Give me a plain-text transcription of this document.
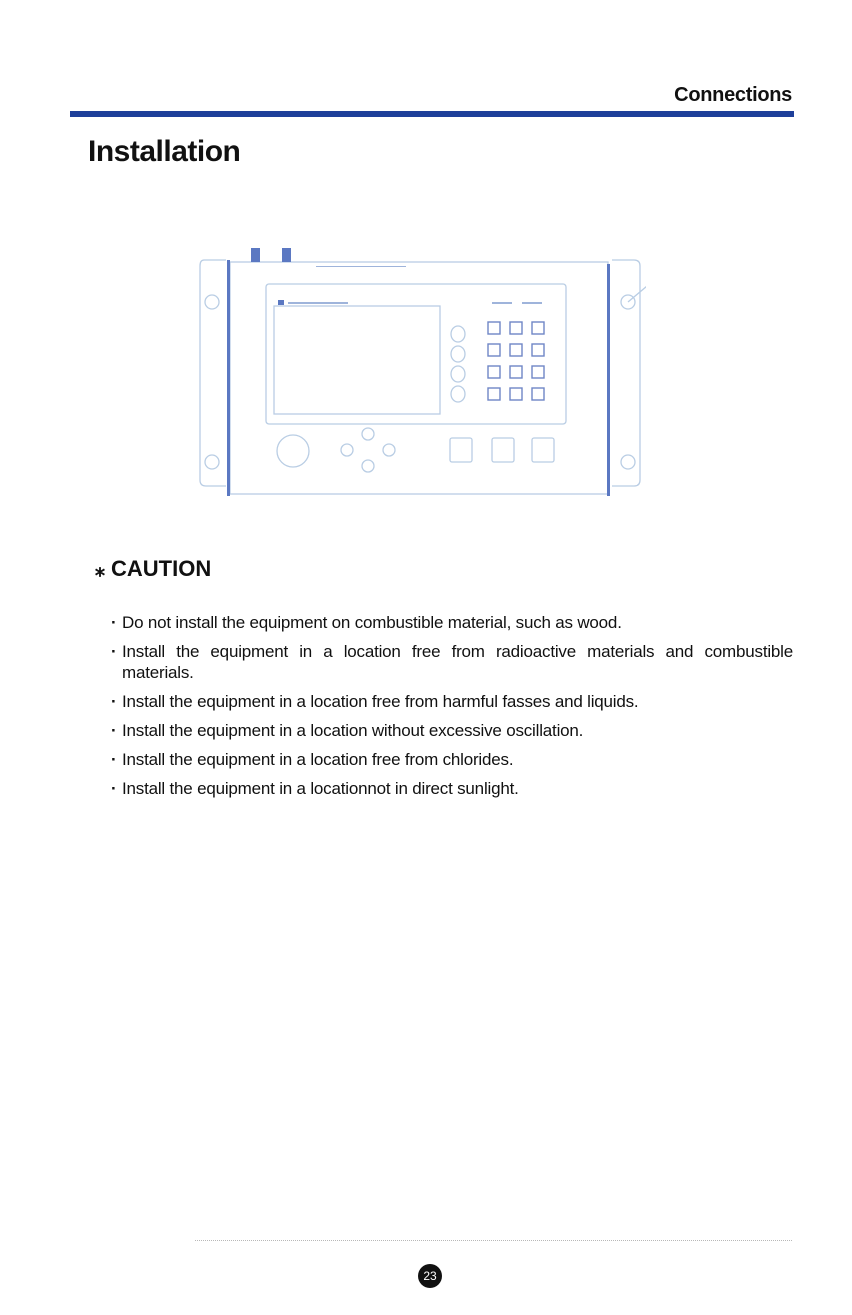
Connections
Installation
⁎ CAUTION
· Do not install the equipment on combustible material, such as wood.
· Install the equipment in a location free from radioactive materials and combustible materials.
· Install the equipment in a location free from harmful fasses and liquids.
· Install the equipment in a location without excessive oscillation.
· Install the equipment in a location free from chlorides.
· Install the equipment in a locationnot in direct sunlight.
23
